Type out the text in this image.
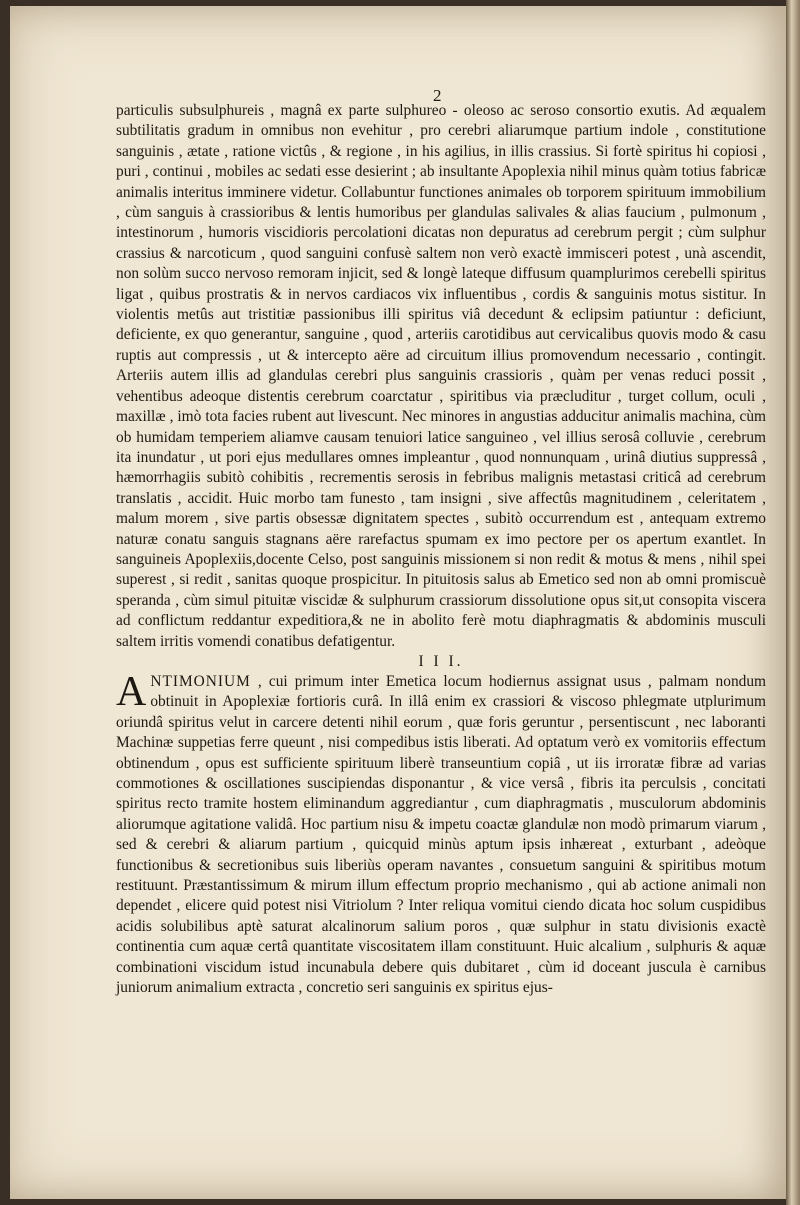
2

particulis subsulphureis , magnâ ex parte sulphureo - oleoso ac seroso consortio exutis. Ad æqualem subtilitatis gradum in omnibus non evehitur , pro cerebri aliarumque partium indole , constitutione sanguinis , ætate , ratione victûs , & regione , in his agilius, in illis crassius. Si fortè spiritus hi copiosi , puri , continui , mobiles ac sedati esse desierint ; ab insultante Apoplexia nihil minus quàm totius fabricæ animalis interitus imminere videtur. Collabuntur functiones animales ob torporem spirituum immobilium , cùm sanguis à crassioribus & lentis humoribus per glandulas salivales & alias faucium , pulmonum , intestinorum , humoris viscidioris percolationi dicatas non depuratus ad cerebrum pergit ; cùm sulphur crassius & narcoticum , quod sanguini confusè saltem non verò exactè immisceri potest , unà ascendit, non solùm succo nervoso remoram injicit, sed & longè lateque diffusum quamplurimos cerebelli spiritus ligat , quibus prostratis & in nervos cardiacos vix influentibus , cordis & sanguinis motus sistitur. In violentis metûs aut tristitiæ passionibus illi spiritus viâ decedunt & eclipsim patiuntur : deficiunt, deficiente, ex quo generantur, sanguine , quod , arteriis carotidibus aut cervicalibus quovis modo & casu ruptis aut compressis , ut & intercepto aëre ad circuitum illius promovendum necessario , contingit. Arteriis autem illis ad glandulas cerebri plus sanguinis crassioris , quàm per venas reduci possit , vehentibus adeoque distentis cerebrum coarctatur , spiritibus via præcluditur , turget collum, oculi , maxillæ , imò tota facies rubent aut livescunt. Nec minores in angustias adducitur animalis machina, cùm ob humidam temperiem aliamve causam tenuiori latice sanguineo , vel illius serosâ colluvie , cerebrum ita inundatur , ut pori ejus medullares omnes impleantur , quod nonnunquam , urinâ diutius suppressâ , hæmorrhagiis subitò cohibitis , recrementis serosis in febribus malignis metastasi criticâ ad cerebrum translatis , accidit. Huic morbo tam funesto , tam insigni , sive affectûs magnitudinem , celeritatem , malum morem , sive partis obsessæ dignitatem spectes , subitò occurrendum est , antequam extremo naturæ conatu sanguis stagnans aëre rarefactus spumam ex imo pectore per os apertum exantlet. In sanguineis Apoplexiis,docente Celso, post sanguinis missionem si non redit & motus & mens , nihil spei superest , si redit , sanitas quoque prospicitur. In pituitosis salus ab Emetico sed non ab omni promiscuè speranda , cùm simul pituitæ viscidæ & sulphurum crassiorum dissolutione opus sit,ut consopita viscera ad conflictum reddantur expeditiora,& ne in abolito ferè motu diaphragmatis & abdominis musculi saltem irritis vomendi conatibus defatigentur.

I I I.

ANTIMONIUM , cui primum inter Emetica locum hodiernus assignat usus , palmam nondum obtinuit in Apoplexiæ fortioris curâ. In illâ enim ex crassiori & viscoso phlegmate utplurimum oriundâ spiritus velut in carcere detenti nihil eorum , quæ foris geruntur , persentiscunt , nec laboranti Machinæ suppetias ferre queunt , nisi compedibus istis liberati. Ad optatum verò ex vomitoriis effectum obtinendum , opus est sufficiente spirituum liberè transeuntium copiâ , ut iis irroratæ fibræ ad varias commotiones & oscillationes suscipiendas disponantur , & vice versâ , fibris ita perculsis , concitati spiritus recto tramite hostem eliminandum aggrediantur , cum diaphragmatis , musculorum abdominis aliorumque agitatione validâ. Hoc partium nisu & impetu coactæ glandulæ non modò primarum viarum , sed & cerebri & aliarum partium , quicquid minùs aptum ipsis inhæreat , exturbant , adeòque functionibus & secretionibus suis liberiùs operam navantes , consuetum sanguini & spiritibus motum restituunt. Præstantissimum & mirum illum effectum proprio mechanismo , qui ab actione animali non dependet , elicere quid potest nisi Vitriolum ? Inter reliqua vomitui ciendo dicata hoc solum cuspidibus acidis solubilibus aptè saturat alcalinorum salium poros , quæ sulphur in statu divisionis exactè continentia cum aquæ certâ quantitate viscositatem illam constituunt. Huic alcalium , sulphuris & aquæ combinationi viscidum istud incunabula debere quis dubitaret , cùm id doceant jusculа è carnibus juniorum animalium extracta , concretio seri sanguinis ex spiritus ejus-
